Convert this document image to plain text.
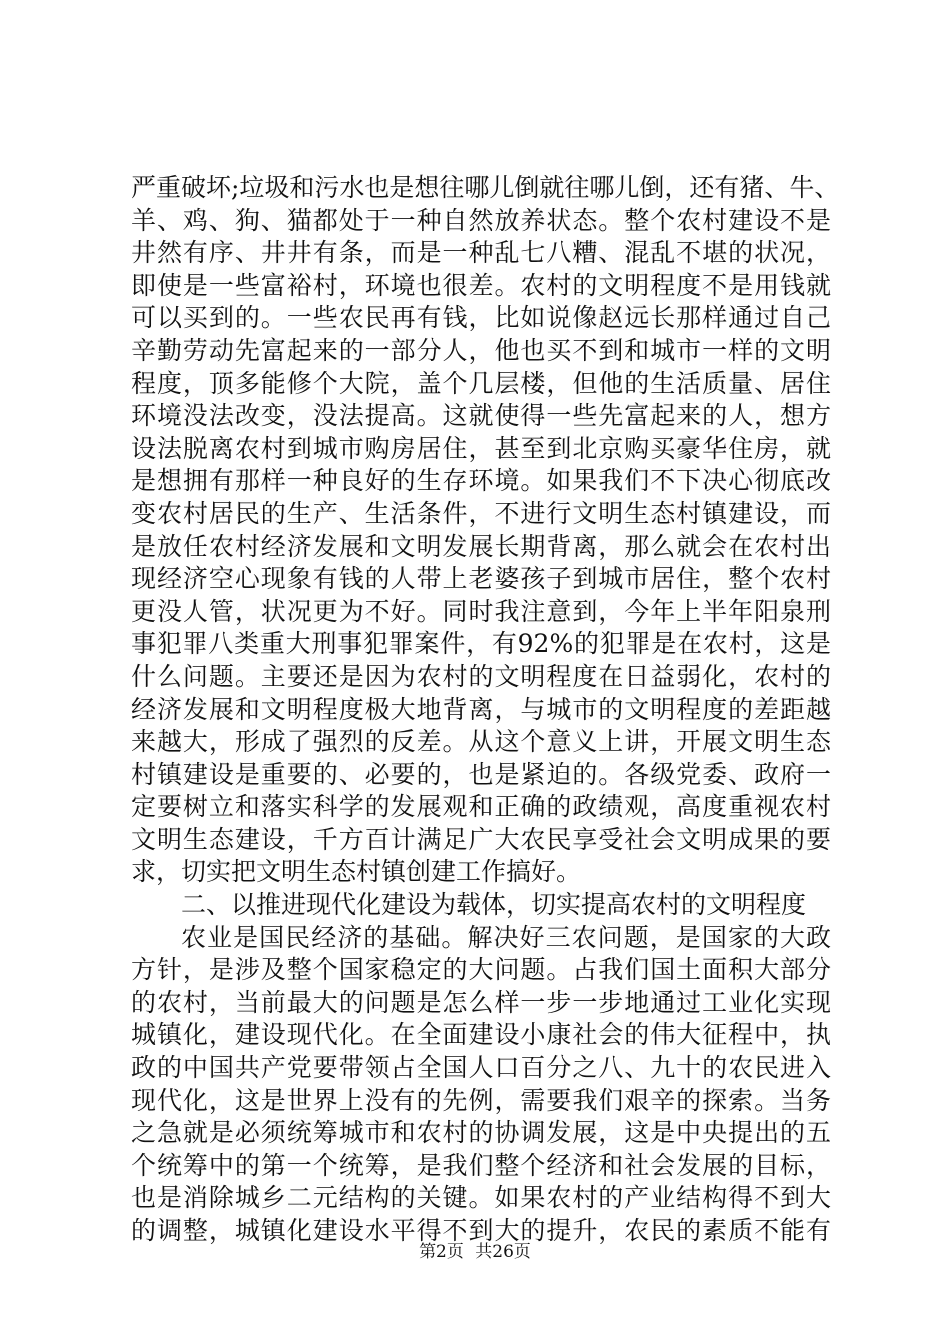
严重破坏;垃圾和污水也是想往哪儿倒就往哪儿倒，还有猪、牛、
羊、鸡、狗、猫都处于一种自然放养状态。整个农村建设不是
井然有序、井井有条，而是一种乱七八糟、混乱不堪的状况，
即使是一些富裕村，环境也很差。农村的文明程度不是用钱就
可以买到的。一些农民再有钱，比如说像赵远长那样通过自己
辛勤劳动先富起来的一部分人，他也买不到和城市一样的文明
程度，顶多能修个大院，盖个几层楼，但他的生活质量、居住
环境没法改变，没法提高。这就使得一些先富起来的人，想方
设法脱离农村到城市购房居住，甚至到北京购买豪华住房，就
是想拥有那样一种良好的生存环境。如果我们不下决心彻底改
变农村居民的生产、生活条件，不进行文明生态村镇建设，而
是放任农村经济发展和文明发展长期背离，那么就会在农村出
现经济空心现象有钱的人带上老婆孩子到城市居住，整个农村
更没人管，状况更为不好。同时我注意到，今年上半年阳泉刑
事犯罪八类重大刑事犯罪案件，有92%的犯罪是在农村，这是
什么问题。主要还是因为农村的文明程度在日益弱化，农村的
经济发展和文明程度极大地背离，与城市的文明程度的差距越
来越大，形成了强烈的反差。从这个意义上讲，开展文明生态
村镇建设是重要的、必要的，也是紧迫的。各级党委、政府一
定要树立和落实科学的发展观和正确的政绩观，高度重视农村
文明生态建设，千方百计满足广大农民享受社会文明成果的要
求，切实把文明生态村镇创建工作搞好。
二、以推进现代化建设为载体，切实提高农村的文明程度
农业是国民经济的基础。解决好三农问题，是国家的大政
方针，是涉及整个国家稳定的大问题。占我们国土面积大部分
的农村，当前最大的问题是怎么样一步一步地通过工业化实现
城镇化，建设现代化。在全面建设小康社会的伟大征程中，执
政的中国共产党要带领占全国人口百分之八、九十的农民进入
现代化，这是世界上没有的先例，需要我们艰辛的探索。当务
之急就是必须统筹城市和农村的协调发展，这是中央提出的五
个统筹中的第一个统筹，是我们整个经济和社会发展的目标，
也是消除城乡二元结构的关键。如果农村的产业结构得不到大
的调整，城镇化建设水平得不到大的提升，农民的素质不能有
第2页 共26页
